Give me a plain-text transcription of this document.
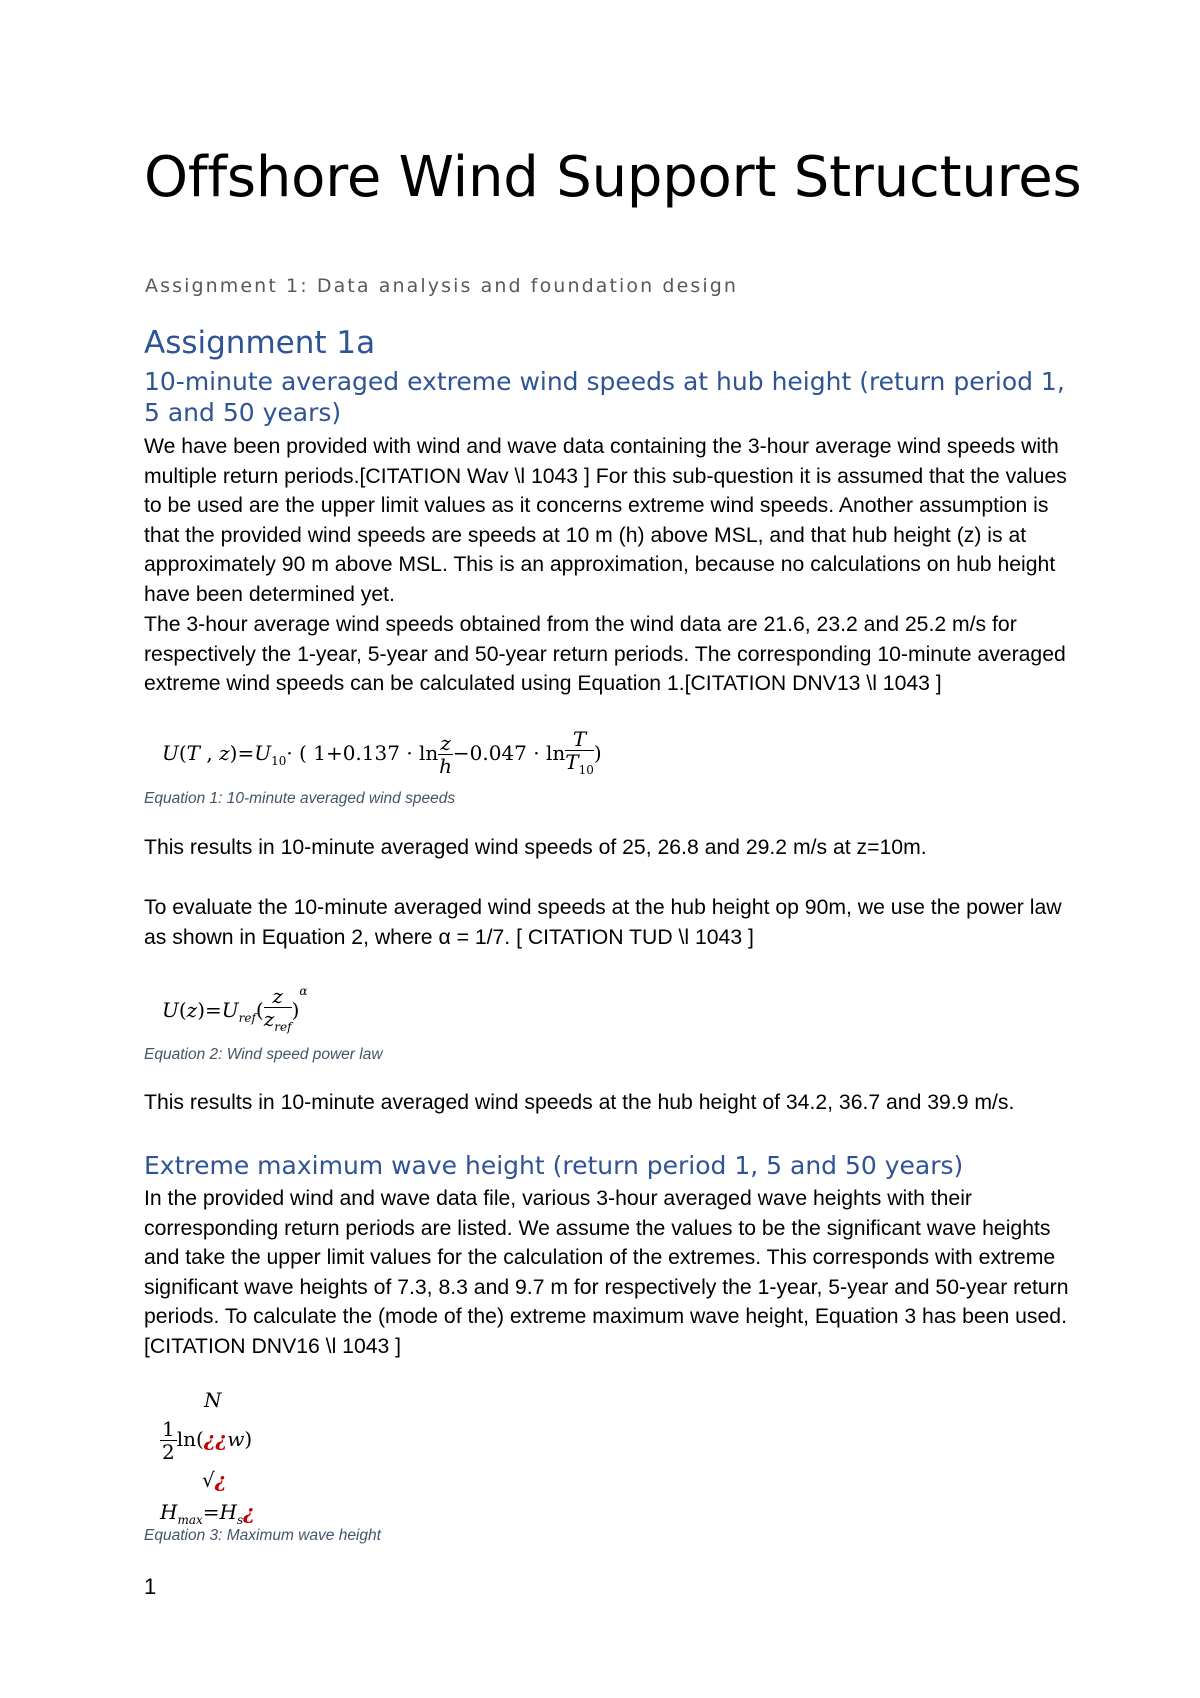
Offshore Wind Support Structures
Assignment 1: Data analysis and foundation design
Assignment 1a
10-minute averaged extreme wind speeds at hub height (return period 1, 5 and 50 years)
We have been provided with wind and wave data containing the 3-hour average wind speeds with multiple return periods.[CITATION Wav \l 1043 ] For this sub-question it is assumed that the values to be used are the upper limit values as it concerns extreme wind speeds. Another assumption is that the provided wind speeds are speeds at 10 m (h) above MSL, and that hub height (z) is at approximately 90 m above MSL. This is an approximation, because no calculations on hub height have been determined yet.
The 3-hour average wind speeds obtained from the wind data are 21.6, 23.2 and 25.2 m/s for respectively the 1-year, 5-year and 50-year return periods. The corresponding 10-minute averaged extreme wind speeds can be calculated using Equation 1.[CITATION DNV13 \l 1043 ]
U(T , $z)=U_{10}\cdot$ ( $1+0.137 \cdot \ln \frac{z}{h} -0.047 \cdot \ln \frac{T}{T_{10}}$ )
Equation 1: 10-minute averaged wind speeds
This results in 10-minute averaged wind speeds of 25, 26.8 and 29.2 m/s at z=10m.
To evaluate the 10-minute averaged wind speeds at the hub height op 90m, we use the power law as shown in Equation 2, where α = 1/7. [ CITATION TUD \l 1043 ]
$U(z)=U_{ref}( \frac{z}{z_{ref}} )^\alpha$
Equation 2: Wind speed power law
This results in 10-minute averaged wind speeds at the hub height of 34.2, 36.7 and 39.9 m/s.
Extreme maximum wave height (return period 1, 5 and 50 years)
In the provided wind and wave data file, various 3-hour averaged wave heights with their corresponding return periods are listed. We assume the values to be the significant wave heights and take the upper limit values for the calculation of the extremes. This corresponds with extreme significant wave heights of 7.3, 8.3 and 9.7 m for respectively the 1-year, 5-year and 50-year return periods. To calculate the (mode of the) extreme maximum wave height, Equation 3 has been used. [CITATION DNV16 \l 1043 ]
N
$\frac{1}{2}$ ln(¿¿w)
√¿
$H_{max}=H_s¿$
Equation 3: Maximum wave height
1
